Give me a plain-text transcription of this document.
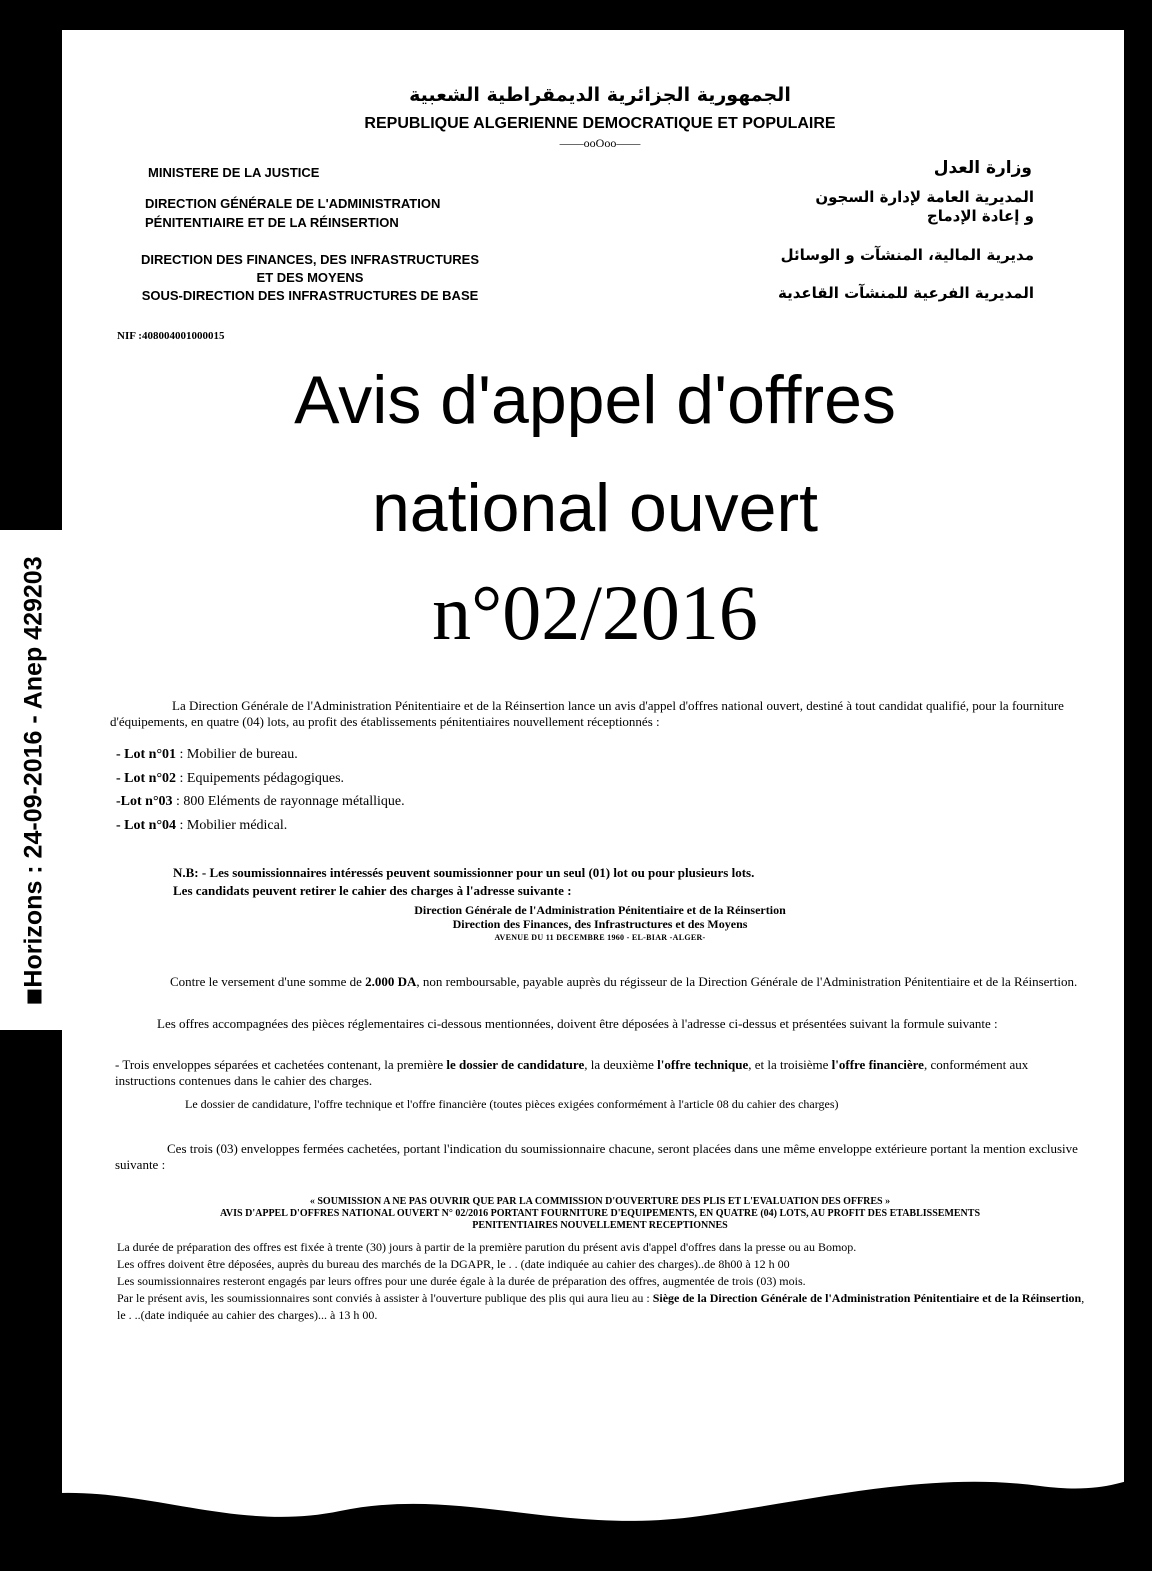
Horizons : 24-09-2016 - Anep 429203
الجمهورية الجزائرية الديمقراطية الشعبية
REPUBLIQUE ALGERIENNE DEMOCRATIQUE ET POPULAIRE
——ooOoo——
MINISTERE DE LA JUSTICE
DIRECTION GÉNÉRALE DE L'ADMINISTRATION
PÉNITENTIAIRE ET DE LA RÉINSERTION
DIRECTION DES FINANCES, DES INFRASTRUCTURES
ET DES MOYENS
SOUS-DIRECTION DES INFRASTRUCTURES DE BASE
NIF :408004001000015
وزارة العدل
المديرية العامة لإدارة السجون
و إعادة الإدماج
مديرية المالية، المنشآت و الوسائل
المديرية الفرعية للمنشآت القاعدية
Avis d'appel d'offres
national ouvert
n°02/2016
La Direction Générale de l'Administration Pénitentiaire et de la Réinsertion lance un avis d'appel d'offres national ouvert, destiné à tout candidat qualifié, pour la fourniture d'équipements, en quatre (04) lots, au profit des établissements pénitentiaires nouvellement réceptionnés :
- Lot n°01 : Mobilier de bureau.
- Lot n°02 : Equipements pédagogiques.
-Lot n°03 : 800 Eléments de rayonnage métallique.
- Lot n°04 : Mobilier médical.
N.B: - Les soumissionnaires intéressés peuvent soumissionner pour un seul (01) lot ou pour plusieurs lots.
Les candidats peuvent retirer le cahier des charges à l'adresse suivante :
Direction Générale de l'Administration Pénitentiaire et de la Réinsertion
Direction des Finances, des Infrastructures et des Moyens
AVENUE DU 11 DECEMBRE 1960 - EL-BIAR -ALGER-
Contre le versement d'une somme de 2.000 DA, non remboursable, payable auprès du régisseur de la Direction Générale de l'Administration Pénitentiaire et de la Réinsertion.
Les offres accompagnées des pièces réglementaires ci-dessous mentionnées, doivent être déposées à l'adresse ci-dessus et présentées suivant la formule suivante :
- Trois enveloppes séparées et cachetées contenant, la première le dossier de candidature, la deuxième l'offre technique, et la troisième l'offre financière, conformément aux instructions contenues dans le cahier des charges.
Le dossier de candidature, l'offre technique et l'offre financière (toutes pièces exigées conformément à l'article 08 du cahier des charges)
Ces trois (03) enveloppes fermées cachetées, portant l'indication du soumissionnaire chacune, seront placées dans une même enveloppe extérieure portant la mention exclusive suivante :
« SOUMISSION A NE PAS OUVRIR QUE PAR LA COMMISSION D'OUVERTURE DES PLIS ET L'EVALUATION DES OFFRES »
AVIS D'APPEL D'OFFRES NATIONAL OUVERT N° 02/2016 PORTANT FOURNITURE D'EQUIPEMENTS, EN QUATRE (04) LOTS, AU PROFIT DES ETABLISSEMENTS
PENITENTIAIRES NOUVELLEMENT RECEPTIONNES
La durée de préparation des offres est fixée à trente (30) jours à partir de la première parution du présent avis d'appel d'offres dans la presse ou au Bomop.
Les offres doivent être déposées, auprès du bureau des marchés de la DGAPR, le . . (date indiquée au cahier des charges)..de 8h00 à 12 h 00
Les soumissionnaires resteront engagés par leurs offres pour une durée égale à la durée de préparation des offres, augmentée de trois (03) mois.
Par le présent avis, les soumissionnaires sont conviés à assister à l'ouverture publique des plis qui aura lieu au : Siège de la Direction Générale de l'Administration Pénitentiaire et de la Réinsertion, le . ..(date indiquée au cahier des charges)... à 13 h 00.
